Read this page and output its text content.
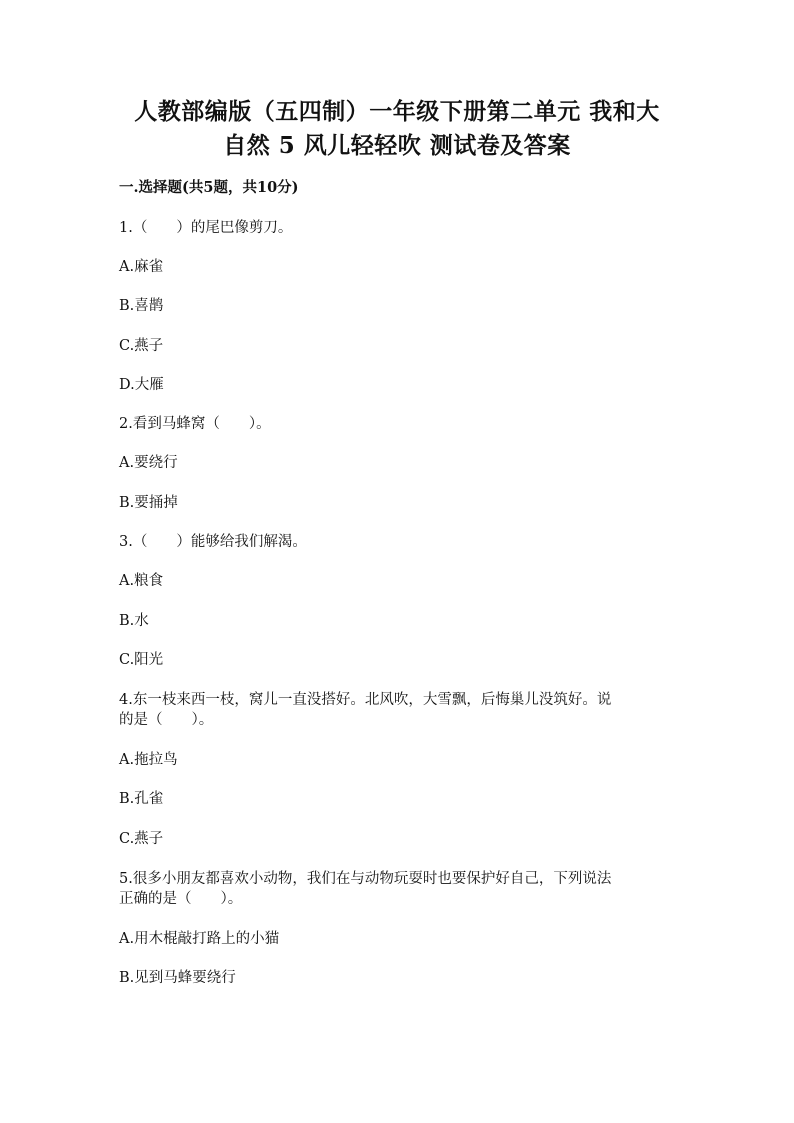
人教部编版（五四制）一年级下册第二单元 我和大
自然 5 风儿轻轻吹 测试卷及答案
一.选择题(共5题，共10分)
1.（　　）的尾巴像剪刀。
A.麻雀
B.喜鹊
C.燕子
D.大雁
2.看到马蜂窝（　　）。
A.要绕行
B.要捅掉
3.（　　）能够给我们解渴。
A.粮食
B.水
C.阳光
4.东一枝来西一枝，窝儿一直没搭好。北风吹，大雪飘，后悔巢儿没筑好。说
的是（　　）。
A.拖拉鸟
B.孔雀
C.燕子
5.很多小朋友都喜欢小动物，我们在与动物玩耍时也要保护好自己，下列说法
正确的是（　　）。
A.用木棍敲打路上的小猫
B.见到马蜂要绕行
